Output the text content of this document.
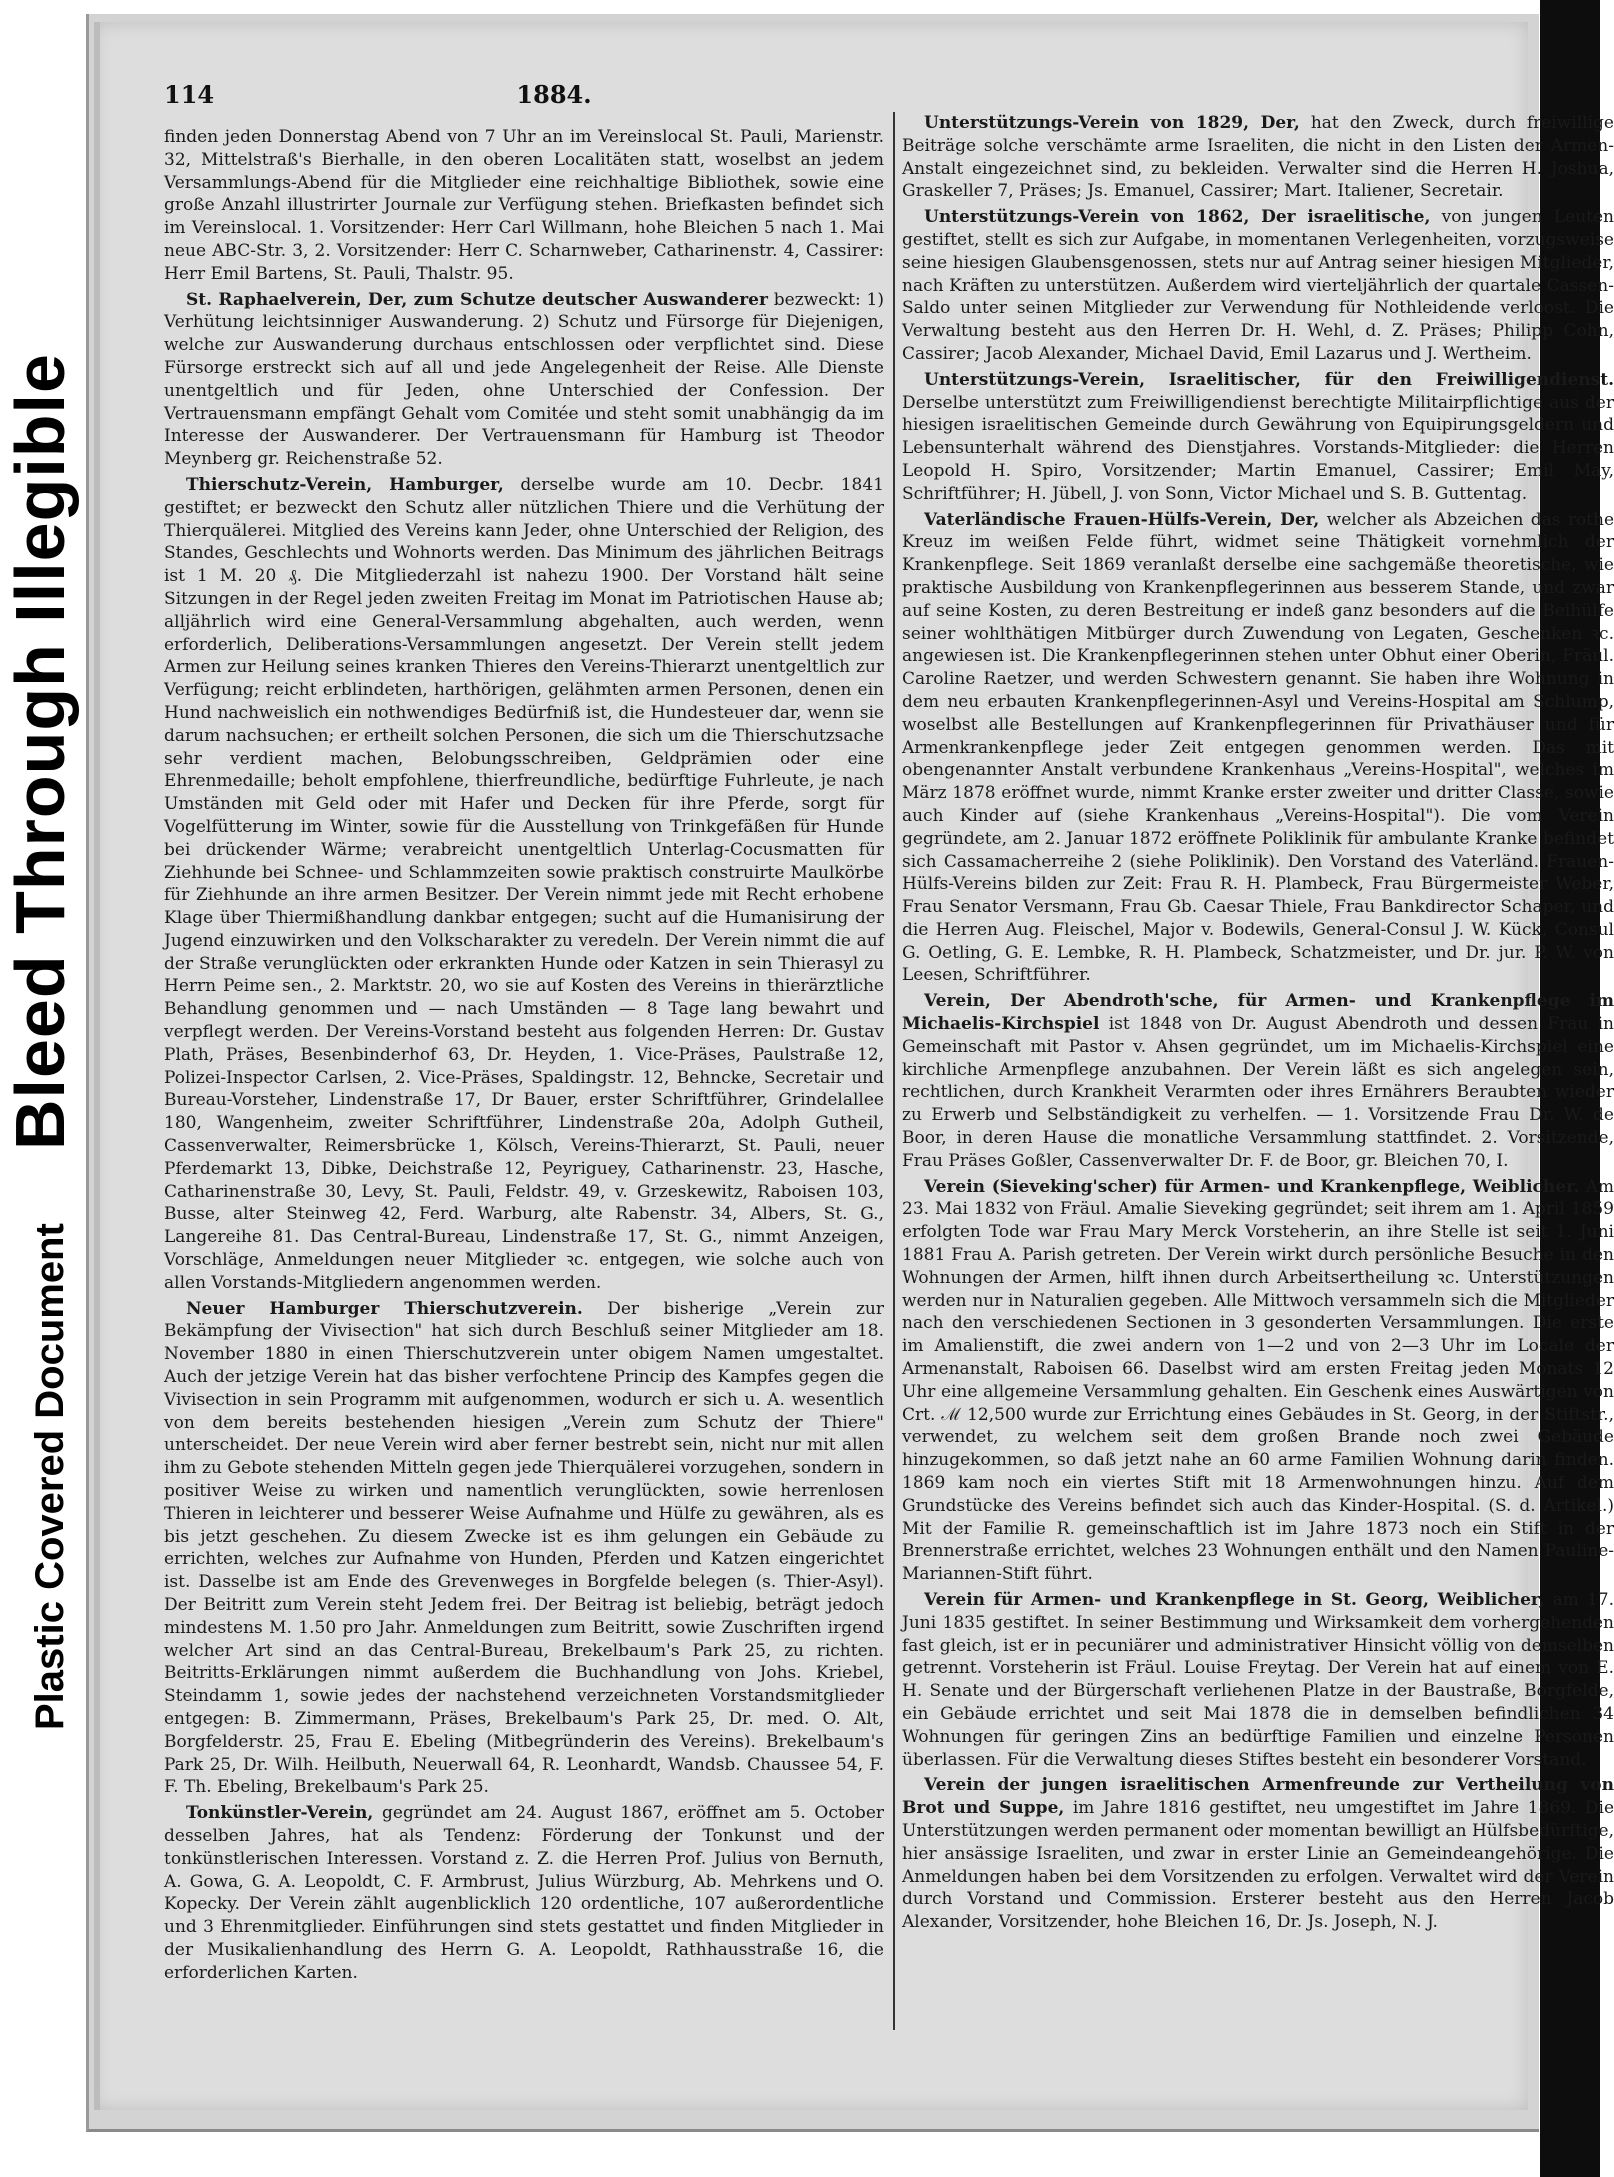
Bleed Through Illegible
Plastic Covered Document
114	1884.

finden jeden Donnerstag Abend von 7 Uhr an im Vereinslocal St. Pauli, Marienstr. 32, Mittelstraß's Bierhalle, in den oberen Localitäten statt, woselbst an jedem Versammlungs-Abend für die Mitglieder eine reichhaltige Bibliothek, sowie eine große Anzahl illustrirter Journale zur Verfügung stehen. Briefkasten befindet sich im Vereinslocal. 1. Vorsitzender: Herr Carl Willmann, hohe Bleichen 5 nach 1. Mai neue ABC-Str. 3, 2. Vorsitzender: Herr C. Scharnweber, Catharinenstr. 4, Cassirer: Herr Emil Bartens, St. Pauli, Thalstr. 95.

St. Raphaelverein, Der, zum Schutze deutscher Auswanderer bezweckt: 1) Verhütung leichtsinniger Auswanderung. 2) Schutz und Fürsorge für Diejenigen, welche zur Auswanderung durchaus entschlossen oder verpflichtet sind. Diese Fürsorge erstreckt sich auf all und jede Angelegenheit der Reise. Alle Dienste unentgeltlich und für Jeden, ohne Unterschied der Confession. Der Vertrauensmann empfängt Gehalt vom Comitée und steht somit unabhängig da im Interesse der Auswanderer. Der Vertrauensmann für Hamburg ist Theodor Meynberg gr. Reichenstraße 52.

Thierschutz-Verein, Hamburger, derselbe wurde am 10. Decbr. 1841 gestiftet; er bezweckt den Schutz aller nützlichen Thiere und die Verhütung der Thierquälerei. Mitglied des Vereins kann Jeder, ohne Unterschied der Religion, des Standes, Geschlechts und Wohnorts werden. Das Minimum des jährlichen Beitrags ist 1 M. 20 ₰. Die Mitgliederzahl ist nahezu 1900. Der Vorstand hält seine Sitzungen in der Regel jeden zweiten Freitag im Monat im Patriotischen Hause ab; alljährlich wird eine General-Versammlung abgehalten, auch werden, wenn erforderlich, Deliberations-Versammlungen angesetzt. Der Verein stellt jedem Armen zur Heilung seines kranken Thieres den Vereins-Thierarzt unentgeltlich zur Verfügung; reicht erblindeten, harthörigen, gelähmten armen Personen, denen ein Hund nachweislich ein nothwendiges Bedürfniß ist, die Hundesteuer dar, wenn sie darum nachsuchen; er ertheilt solchen Personen, die sich um die Thierschutzsache sehr verdient machen, Belobungsschreiben, Geldprämien oder eine Ehrenmedaille; beholt empfohlene, thierfreundliche, bedürftige Fuhrleute, je nach Umständen mit Geld oder mit Hafer und Decken für ihre Pferde, sorgt für Vogelfütterung im Winter, sowie für die Ausstellung von Trinkgefäßen für Hunde bei drückender Wärme; verabreicht unentgeltlich Unterlag-Cocusmatten für Ziehhunde bei Schnee- und Schlammzeiten sowie praktisch construirte Maulkörbe für Ziehhunde an ihre armen Besitzer. Der Verein nimmt jede mit Recht erhobene Klage über Thiermißhandlung dankbar entgegen; sucht auf die Humanisirung der Jugend einzuwirken und den Volkscharakter zu veredeln. Der Verein nimmt die auf der Straße verunglückten oder erkrankten Hunde oder Katzen in sein Thierasyl zu Herrn Peime sen., 2. Marktstr. 20, wo sie auf Kosten des Vereins in thierärztliche Behandlung genommen und — nach Umständen — 8 Tage lang bewahrt und verpflegt werden. Der Vereins-Vorstand besteht aus folgenden Herren: Dr. Gustav Plath, Präses, Besenbinderhof 63, Dr. Heyden, 1. Vice-Präses, Paulstraße 12, Polizei-Inspector Carlsen, 2. Vice-Präses, Spaldingstr. 12, Behncke, Secretair und Bureau-Vorsteher, Lindenstraße 17, Dr Bauer, erster Schriftführer, Grindelallee 180, Wangenheim, zweiter Schriftführer, Lindenstraße 20a, Adolph Gutheil, Cassenverwalter, Reimersbrücke 1, Kölsch, Vereins-Thierarzt, St. Pauli, neuer Pferdemarkt 13, Dibke, Deichstraße 12, Peyriguey, Catharinenstr. 23, Hasche, Catharinenstraße 30, Levy, St. Pauli, Feldstr. 49, v. Grzeskewitz, Raboisen 103, Busse, alter Steinweg 42, Ferd. Warburg, alte Rabenstr. 34, Albers, St. G., Langereihe 81. Das Central-Bureau, Lindenstraße 17, St. G., nimmt Anzeigen, Vorschläge, Anmeldungen neuer Mitglieder ꝛc. entgegen, wie solche auch von allen Vorstands-Mitgliedern angenommen werden.

Neuer Hamburger Thierschutzverein. Der bisherige „Verein zur Bekämpfung der Vivisection" hat sich durch Beschluß seiner Mitglieder am 18. November 1880 in einen Thierschutzverein unter obigem Namen umgestaltet. Auch der jetzige Verein hat das bisher verfochtene Princip des Kampfes gegen die Vivisection in sein Programm mit aufgenommen, wodurch er sich u. A. wesentlich von dem bereits bestehenden hiesigen „Verein zum Schutz der Thiere" unterscheidet. Der neue Verein wird aber ferner bestrebt sein, nicht nur mit allen ihm zu Gebote stehenden Mitteln gegen jede Thierquälerei vorzugehen, sondern in positiver Weise zu wirken und namentlich verunglückten, sowie herrenlosen Thieren in leichterer und besserer Weise Aufnahme und Hülfe zu gewähren, als es bis jetzt geschehen. Zu diesem Zwecke ist es ihm gelungen ein Gebäude zu errichten, welches zur Aufnahme von Hunden, Pferden und Katzen eingerichtet ist. Dasselbe ist am Ende des Grevenweges in Borgfelde belegen (s. Thier-Asyl). Der Beitritt zum Verein steht Jedem frei. Der Beitrag ist beliebig, beträgt jedoch mindestens M. 1.50 pro Jahr. Anmeldungen zum Beitritt, sowie Zuschriften irgend welcher Art sind an das Central-Bureau, Brekelbaum's Park 25, zu richten. Beitritts-Erklärungen nimmt außerdem die Buchhandlung von Johs. Kriebel, Steindamm 1, sowie jedes der nachstehend verzeichneten Vorstandsmitglieder entgegen: B. Zimmermann, Präses, Brekelbaum's Park 25, Dr. med. O. Alt, Borgfelderstr. 25, Frau E. Ebeling (Mitbegründerin des Vereins). Brekelbaum's Park 25, Dr. Wilh. Heilbuth, Neuerwall 64, R. Leonhardt, Wandsb. Chaussee 54, F. F. Th. Ebeling, Brekelbaum's Park 25.

Tonkünstler-Verein, gegründet am 24. August 1867, eröffnet am 5. October desselben Jahres, hat als Tendenz: Förderung der Tonkunst und der tonkünstlerischen Interessen. Vorstand z. Z. die Herren Prof. Julius von Bernuth, A. Gowa, G. A. Leopoldt, C. F. Armbrust, Julius Würzburg, Ab. Mehrkens und O. Kopecky. Der Verein zählt augenblicklich 120 ordentliche, 107 außerordentliche und 3 Ehrenmitglieder. Einführungen sind stets gestattet und finden Mitglieder in der Musikalienhandlung des Herrn G. A. Leopoldt, Rathhausstraße 16, die erforderlichen Karten.

Unterstützungs-Verein von 1829, Der, hat den Zweck, durch freiwillige Beiträge solche verschämte arme Israeliten, die nicht in den Listen der Armen-Anstalt eingezeichnet sind, zu bekleiden. Verwalter sind die Herren H. Joshua, Graskeller 7, Präses; Js. Emanuel, Cassirer; Mart. Italiener, Secretair.

Unterstützungs-Verein von 1862, Der israelitische, von jungen Leuten gestiftet, stellt es sich zur Aufgabe, in momentanen Verlegenheiten, vorzugsweise seine hiesigen Glaubensgenossen, stets nur auf Antrag seiner hiesigen Mitglieder, nach Kräften zu unterstützen. Außerdem wird vierteljährlich der quartale Cassen-Saldo unter seinen Mitglieder zur Verwendung für Nothleidende verloost. Die Verwaltung besteht aus den Herren Dr. H. Wehl, d. Z. Präses; Philipp Cohn, Cassirer; Jacob Alexander, Michael David, Emil Lazarus und J. Wertheim.

Unterstützungs-Verein, Israelitischer, für den Freiwilligendienst. Derselbe unterstützt zum Freiwilligendienst berechtigte Militairpflichtige aus der hiesigen israelitischen Gemeinde durch Gewährung von Equipirungsgeldern und Lebensunterhalt während des Dienstjahres. Vorstands-Mitglieder: die Herren Leopold H. Spiro, Vorsitzender; Martin Emanuel, Cassirer; Emil May, Schriftführer; H. Jübell, J. von Sonn, Victor Michael und S. B. Guttentag.

Vaterländische Frauen-Hülfs-Verein, Der, welcher als Abzeichen das rothe Kreuz im weißen Felde führt, widmet seine Thätigkeit vornehmlich der Krankenpflege. Seit 1869 veranlaßt derselbe eine sachgemäße theoretische, wie praktische Ausbildung von Krankenpflegerinnen aus besserem Stande, und zwar auf seine Kosten, zu deren Bestreitung er indeß ganz besonders auf die Beihülfe seiner wohlthätigen Mitbürger durch Zuwendung von Legaten, Geschenken ꝛc. angewiesen ist. Die Krankenpflegerinnen stehen unter Obhut einer Oberin, Fräul. Caroline Raetzer, und werden Schwestern genannt. Sie haben ihre Wohnung in dem neu erbauten Krankenpflegerinnen-Asyl und Vereins-Hospital am Schlump, woselbst alle Bestellungen auf Krankenpflegerinnen für Privathäuser und für Armenkrankenpflege jeder Zeit entgegen genommen werden. Das mit obengenannter Anstalt verbundene Krankenhaus „Vereins-Hospital", welches im März 1878 eröffnet wurde, nimmt Kranke erster zweiter und dritter Classe, sowie auch Kinder auf (siehe Krankenhaus „Vereins-Hospital"). Die vom Verein gegründete, am 2. Januar 1872 eröffnete Poliklinik für ambulante Kranke befindet sich Cassamacherreihe 2 (siehe Poliklinik). Den Vorstand des Vaterländ. Frauen-Hülfs-Vereins bilden zur Zeit: Frau R. H. Plambeck, Frau Bürgermeister Weber, Frau Senator Versmann, Frau Gb. Caesar Thiele, Frau Bankdirector Schaper, und die Herren Aug. Fleischel, Major v. Bodewils, General-Consul J. W. Kück, Consul G. Oetling, G. E. Lembke, R. H. Plambeck, Schatzmeister, und Dr. jur. P. W. von Leesen, Schriftführer.

Verein, Der Abendroth'sche, für Armen- und Krankenpflege im Michaelis-Kirchspiel ist 1848 von Dr. August Abendroth und dessen Frau in Gemeinschaft mit Pastor v. Ahsen gegründet, um im Michaelis-Kirchspiel eine kirchliche Armenpflege anzubahnen. Der Verein läßt es sich angelegen sein, rechtlichen, durch Krankheit Verarmten oder ihres Ernährers Beraubten wieder zu Erwerb und Selbständigkeit zu verhelfen. — 1. Vorsitzende Frau Dr. W. de Boor, in deren Hause die monatliche Versammlung stattfindet. 2. Vorsitzende, Frau Präses Goßler, Cassenverwalter Dr. F. de Boor, gr. Bleichen 70, I.

Verein (Sieveking'scher) für Armen- und Krankenpflege, Weiblicher. Am 23. Mai 1832 von Fräul. Amalie Sieveking gegründet; seit ihrem am 1. April 1859 erfolgten Tode war Frau Mary Merck Vorsteherin, an ihre Stelle ist seit 1. Juni 1881 Frau A. Parish getreten. Der Verein wirkt durch persönliche Besuche in den Wohnungen der Armen, hilft ihnen durch Arbeitsertheilung ꝛc. Unterstützungen werden nur in Naturalien gegeben. Alle Mittwoch versammeln sich die Mitglieder nach den verschiedenen Sectionen in 3 gesonderten Versammlungen. Die erste im Amalienstift, die zwei andern von 1—2 und von 2—3 Uhr im Locale der Armenanstalt, Raboisen 66. Daselbst wird am ersten Freitag jeden Monats 12 Uhr eine allgemeine Versammlung gehalten. Ein Geschenk eines Auswärtigen von Crt. ℳ 12,500 wurde zur Errichtung eines Gebäudes in St. Georg, in der Stiftstr., verwendet, zu welchem seit dem großen Brande noch zwei Gebäude hinzugekommen, so daß jetzt nahe an 60 arme Familien Wohnung darin finden. 1869 kam noch ein viertes Stift mit 18 Armenwohnungen hinzu. Auf dem Grundstücke des Vereins befindet sich auch das Kinder-Hospital. (S. d. Artikel.) Mit der Familie R. gemeinschaftlich ist im Jahre 1873 noch ein Stift in der Brennerstraße errichtet, welches 23 Wohnungen enthält und den Namen Pauline-Mariannen-Stift führt.

Verein für Armen- und Krankenpflege in St. Georg, Weiblicher, am 17. Juni 1835 gestiftet. In seiner Bestimmung und Wirksamkeit dem vorhergehenden fast gleich, ist er in pecuniärer und administrativer Hinsicht völlig von demselben getrennt. Vorsteherin ist Fräul. Louise Freytag. Der Verein hat auf einem von E. H. Senate und der Bürgerschaft verliehenen Platze in der Baustraße, Borgfelde, ein Gebäude errichtet und seit Mai 1878 die in demselben befindlichen 34 Wohnungen für geringen Zins an bedürftige Familien und einzelne Personen überlassen. Für die Verwaltung dieses Stiftes besteht ein besonderer Vorstand.

Verein der jungen israelitischen Armenfreunde zur Vertheilung von Brot und Suppe, im Jahre 1816 gestiftet, neu umgestiftet im Jahre 1869. Die Unterstützungen werden permanent oder momentan bewilligt an Hülfsbedürftige, hier ansässige Israeliten, und zwar in erster Linie an Gemeindeangehörige. Die Anmeldungen haben bei dem Vorsitzenden zu erfolgen. Verwaltet wird der Verein durch Vorstand und Commission. Ersterer besteht aus den Herren Jacob Alexander, Vorsitzender, hohe Bleichen 16, Dr. Js. Joseph, N. J.
